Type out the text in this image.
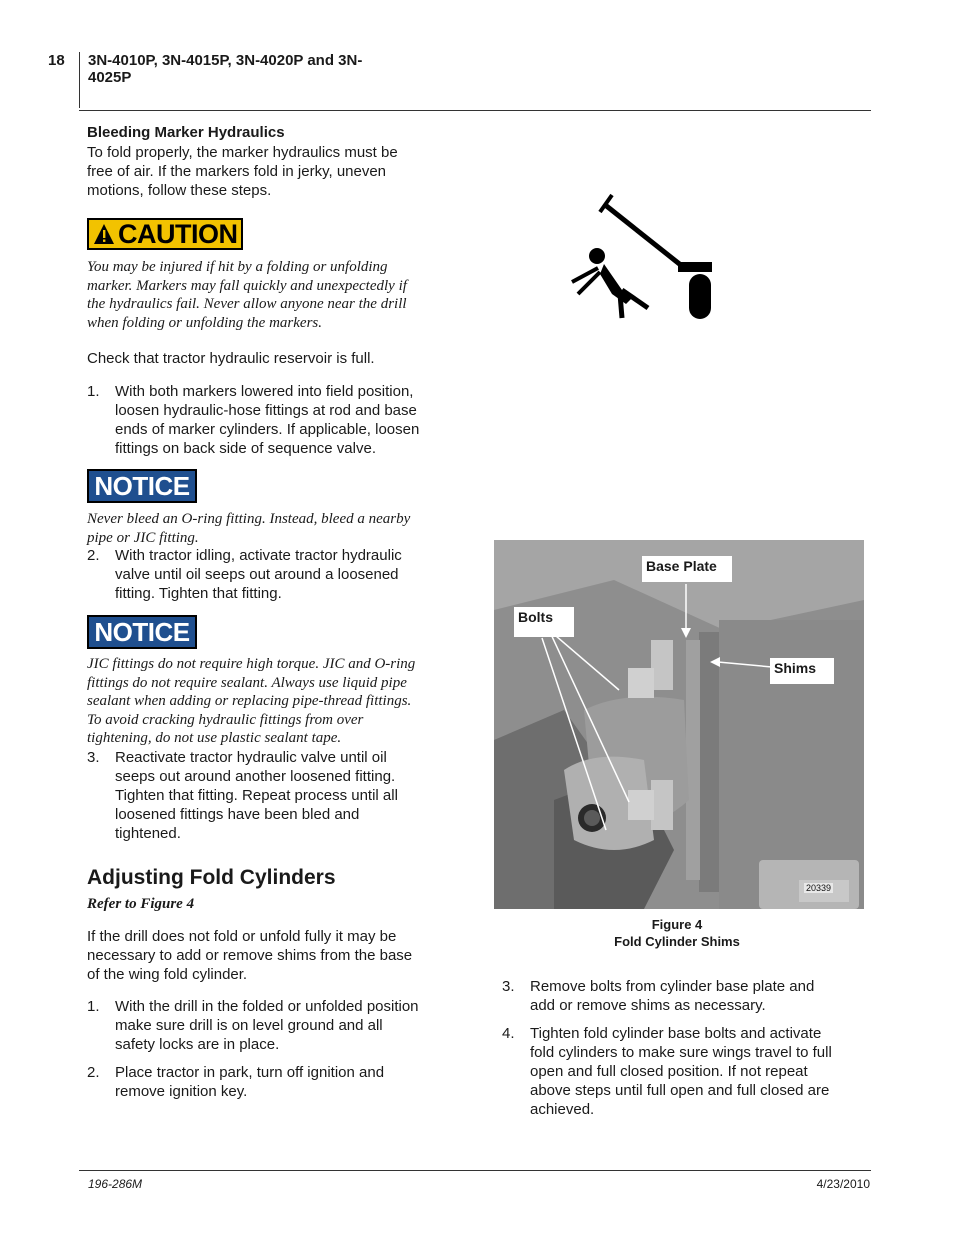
18 3N-4010P, 3N-4015P, 3N-4020P and 3N-4025P
Bleeding Marker Hydraulics
To fold properly, the marker hydraulics must be free of air. If the markers fold in jerky, uneven motions, follow these steps.
CAUTION
You may be injured if hit by a folding or unfolding marker. Markers may fall quickly and unexpectedly if the hydraulics fail. Never allow anyone near the drill when folding or unfolding the markers.
Check that tractor hydraulic reservoir is full.
1. With both markers lowered into field position, loosen hydraulic-hose fittings at rod and base ends of marker cylinders. If applicable, loosen fittings on back side of sequence valve.
NOTICE
Never bleed an O-ring fitting. Instead, bleed a nearby pipe or JIC fitting.
2. With tractor idling, activate tractor hydraulic valve until oil seeps out around a loosened fitting. Tighten that fitting.
NOTICE
JIC fittings do not require high torque. JIC and O-ring fittings do not require sealant. Always use liquid pipe sealant when adding or replacing pipe-thread fittings. To avoid cracking hydraulic fittings from over tightening, do not use plastic sealant tape.
3. Reactivate tractor hydraulic valve until oil seeps out around another loosened fitting. Tighten that fitting. Repeat process until all loosened fittings have been bled and tightened.
Adjusting Fold Cylinders
Refer to Figure 4
If the drill does not fold or unfold fully it may be necessary to add or remove shims from the base of the wing fold cylinder.
1. With the drill in the folded or unfolded position make sure drill is on level ground and all safety locks are in place.
2. Place tractor in park, turn off ignition and remove ignition key.
Base Plate
Bolts
Shims
20339
Figure 4
Fold Cylinder Shims
3. Remove bolts from cylinder base plate and add or remove shims as necessary.
4. Tighten fold cylinder base bolts and activate fold cylinders to make sure wings travel to full open and full closed position. If not repeat above steps until full open and full closed are achieved.
196-286M	4/23/2010
